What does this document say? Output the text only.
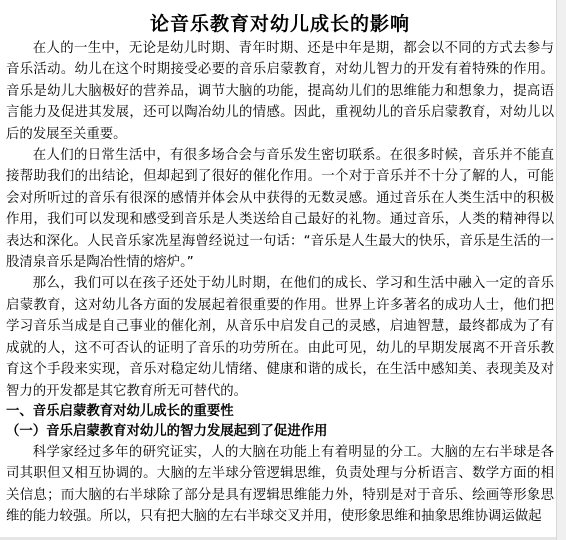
论音乐教育对幼儿成长的影响

在人的一生中，无论是幼儿时期、青年时期、还是中年是期，都会以不同的方式去参与音乐活动。幼儿在这个时期接受必要的音乐启蒙教育，对幼儿智力的开发有着特殊的作用。音乐是幼儿大脑极好的营养品，调节大脑的功能，提高幼儿们的思维能力和想象力，提高语言能力及促进其发展，还可以陶冶幼儿的情感。因此，重视幼儿的音乐启蒙教育，对幼儿以后的发展至关重要。

在人们的日常生活中，有很多场合会与音乐发生密切联系。在很多时候，音乐并不能直接帮助我们的出结论，但却起到了很好的催化作用。一个对于音乐并不十分了解的人，可能会对所听过的音乐有很深的感情并体会从中获得的无数灵感。通过音乐在人类生活中的积极作用，我们可以发现和感受到音乐是人类送给自己最好的礼物。通过音乐，人类的精神得以表达和深化。人民音乐家冼星海曾经说过一句话：“音乐是人生最大的快乐，音乐是生活的一股清泉音乐是陶冶性情的熔炉。”

那么，我们可以在孩子还处于幼儿时期，在他们的成长、学习和生活中融入一定的音乐启蒙教育，这对幼儿各方面的发展起着很重要的作用。世界上许多著名的成功人士，他们把学习音乐当成是自己事业的催化剂，从音乐中启发自己的灵感，启迪智慧，最终都成为了有成就的人，这不可否认的证明了音乐的功劳所在。由此可见，幼儿的早期发展离不开音乐教育这个手段来实现，音乐对稳定幼儿情绪、健康和谐的成长，在生活中感知美、表现美及对智力的开发都是其它教育所无可替代的。

一、音乐启蒙教育对幼儿成长的重要性
（一）音乐启蒙教育对幼儿的智力发展起到了促进作用

科学家经过多年的研究证实，人的大脑在功能上有着明显的分工。大脑的左右半球是各司其职但又相互协调的。大脑的左半球分管逻辑思维，负责处理与分析语言、数学方面的相关信息；而大脑的右半球除了部分是具有逻辑思维能力外，特别是对于音乐、绘画等形象思维的能力较强。所以，只有把大脑的左右半球交叉并用，使形象思维和抽象思维协调运做起
